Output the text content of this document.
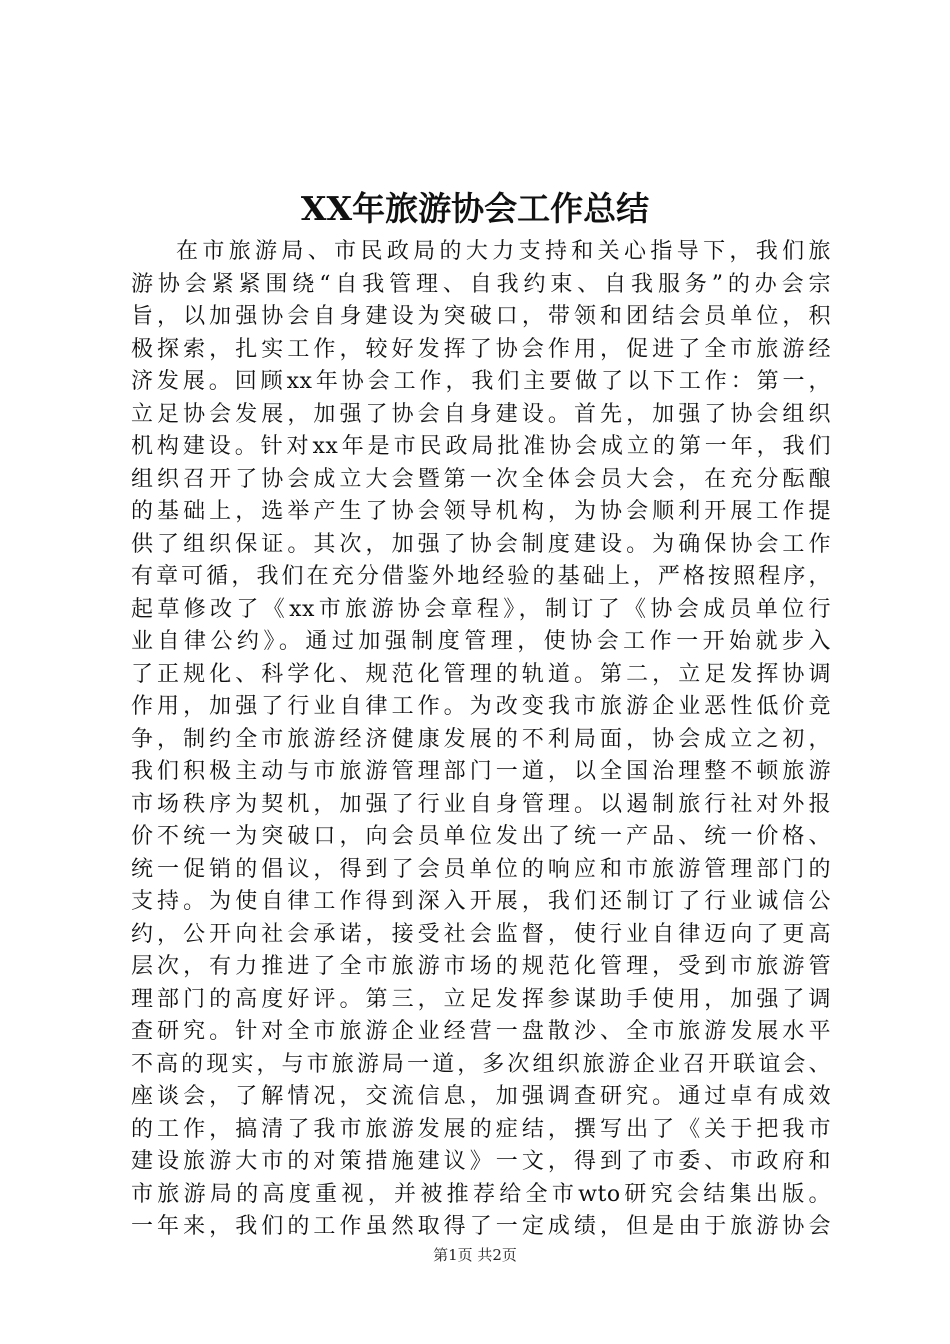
XX年旅游协会工作总结
在市旅游局、市民政局的大力支持和关心指导下，我们旅
游协会紧紧围绕“自我管理、自我约束、自我服务”的办会宗
旨，以加强协会自身建设为突破口，带领和团结会员单位，积
极探索，扎实工作，较好发挥了协会作用，促进了全市旅游经
济发展。回顾xx年协会工作，我们主要做了以下工作：第一，
立足协会发展，加强了协会自身建设。首先，加强了协会组织
机构建设。针对xx年是市民政局批准协会成立的第一年，我们
组织召开了协会成立大会暨第一次全体会员大会，在充分酝酿
的基础上，选举产生了协会领导机构，为协会顺利开展工作提
供了组织保证。其次，加强了协会制度建设。为确保协会工作
有章可循，我们在充分借鉴外地经验的基础上，严格按照程序，
起草修改了《xx市旅游协会章程》，制订了《协会成员单位行
业自律公约》。通过加强制度管理，使协会工作一开始就步入
了正规化、科学化、规范化管理的轨道。第二，立足发挥协调
作用，加强了行业自律工作。为改变我市旅游企业恶性低价竞
争，制约全市旅游经济健康发展的不利局面，协会成立之初，
我们积极主动与市旅游管理部门一道，以全国治理整不顿旅游
市场秩序为契机，加强了行业自身管理。以遏制旅行社对外报
价不统一为突破口，向会员单位发出了统一产品、统一价格、
统一促销的倡议，得到了会员单位的响应和市旅游管理部门的
支持。为使自律工作得到深入开展，我们还制订了行业诚信公
约，公开向社会承诺，接受社会监督，使行业自律迈向了更高
层次，有力推进了全市旅游市场的规范化管理，受到市旅游管
理部门的高度好评。第三，立足发挥参谋助手使用，加强了调
查研究。针对全市旅游企业经营一盘散沙、全市旅游发展水平
不高的现实，与市旅游局一道，多次组织旅游企业召开联谊会、
座谈会，了解情况，交流信息，加强调查研究。通过卓有成效
的工作，搞清了我市旅游发展的症结，撰写出了《关于把我市
建设旅游大市的对策措施建议》一文，得到了市委、市政府和
市旅游局的高度重视，并被推荐给全市wto研究会结集出版。
一年来，我们的工作虽然取得了一定成绩，但是由于旅游协会
第1页 共2页
